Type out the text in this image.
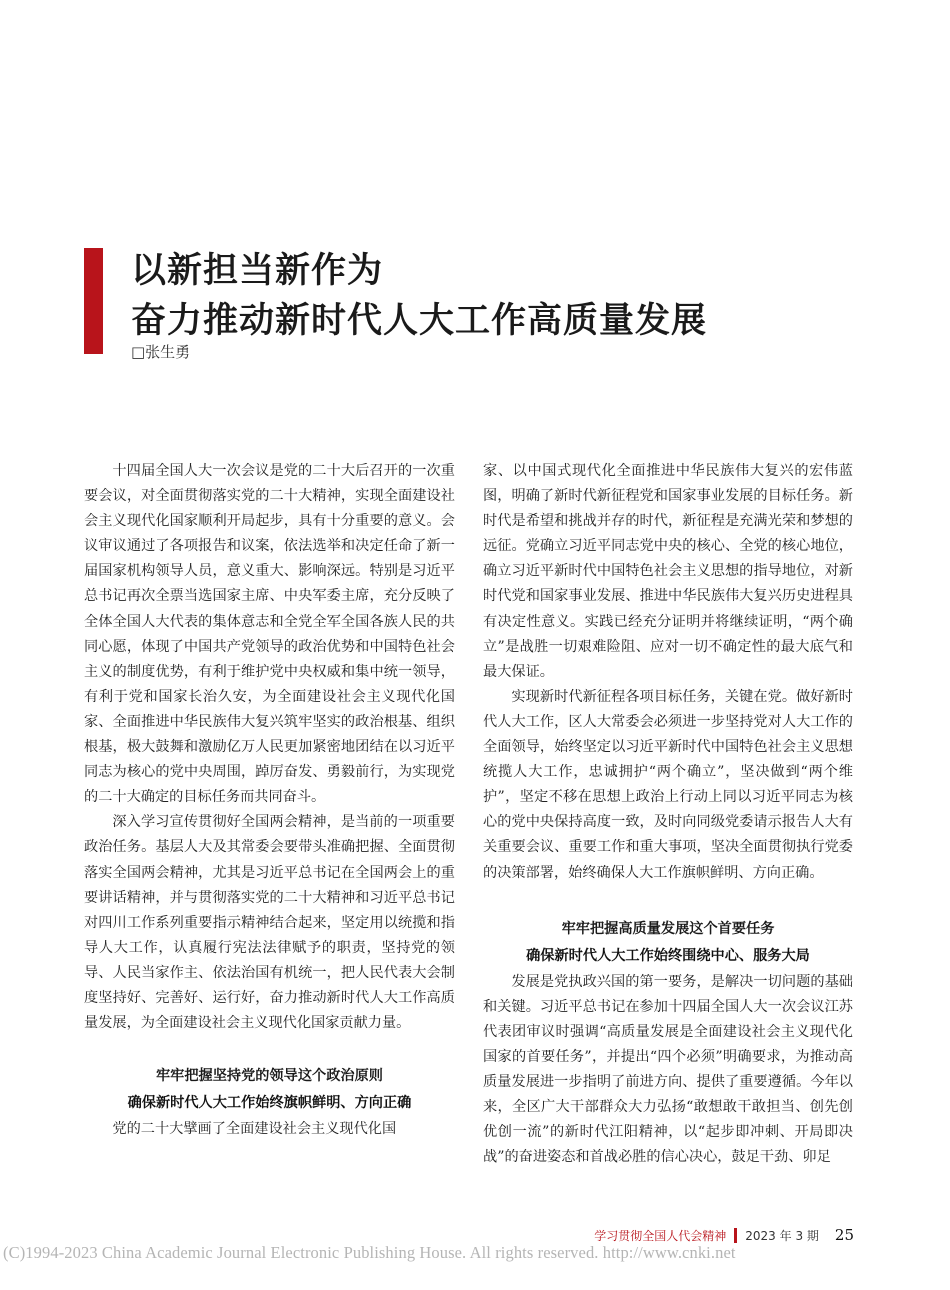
以新担当新作为
奋力推动新时代人大工作高质量发展
□张生勇

十四届全国人大一次会议是党的二十大后召开的一次重要会议，对全面贯彻落实党的二十大精神，实现全面建设社会主义现代化国家顺利开局起步，具有十分重要的意义。会议审议通过了各项报告和议案，依法选举和决定任命了新一届国家机构领导人员，意义重大、影响深远。特别是习近平总书记再次全票当选国家主席、中央军委主席，充分反映了全体全国人大代表的集体意志和全党全军全国各族人民的共同心愿，体现了中国共产党领导的政治优势和中国特色社会主义的制度优势，有利于维护党中央权威和集中统一领导，有利于党和国家长治久安，为全面建设社会主义现代化国家、全面推进中华民族伟大复兴筑牢坚实的政治根基、组织根基，极大鼓舞和激励亿万人民更加紧密地团结在以习近平同志为核心的党中央周围，踔厉奋发、勇毅前行，为实现党的二十大确定的目标任务而共同奋斗。

深入学习宣传贯彻好全国两会精神，是当前的一项重要政治任务。基层人大及其常委会要带头准确把握、全面贯彻落实全国两会精神，尤其是习近平总书记在全国两会上的重要讲话精神，并与贯彻落实党的二十大精神和习近平总书记对四川工作系列重要指示精神结合起来，坚定用以统揽和指导人大工作，认真履行宪法法律赋予的职责，坚持党的领导、人民当家作主、依法治国有机统一，把人民代表大会制度坚持好、完善好、运行好，奋力推动新时代人大工作高质量发展，为全面建设社会主义现代化国家贡献力量。

牢牢把握坚持党的领导这个政治原则
确保新时代人大工作始终旗帜鲜明、方向正确

党的二十大擘画了全面建设社会主义现代化国

家、以中国式现代化全面推进中华民族伟大复兴的宏伟蓝图，明确了新时代新征程党和国家事业发展的目标任务。新时代是希望和挑战并存的时代，新征程是充满光荣和梦想的远征。党确立习近平同志党中央的核心、全党的核心地位，确立习近平新时代中国特色社会主义思想的指导地位，对新时代党和国家事业发展、推进中华民族伟大复兴历史进程具有决定性意义。实践已经充分证明并将继续证明，“两个确立”是战胜一切艰难险阻、应对一切不确定性的最大底气和最大保证。

实现新时代新征程各项目标任务，关键在党。做好新时代人大工作，区人大常委会必须进一步坚持党对人大工作的全面领导，始终坚定以习近平新时代中国特色社会主义思想统揽人大工作，忠诚拥护“两个确立”，坚决做到“两个维护”，坚定不移在思想上政治上行动上同以习近平同志为核心的党中央保持高度一致，及时向同级党委请示报告人大有关重要会议、重要工作和重大事项，坚决全面贯彻执行党委的决策部署，始终确保人大工作旗帜鲜明、方向正确。

牢牢把握高质量发展这个首要任务
确保新时代人大工作始终围绕中心、服务大局

发展是党执政兴国的第一要务，是解决一切问题的基础和关键。习近平总书记在参加十四届全国人大一次会议江苏代表团审议时强调“高质量发展是全面建设社会主义现代化国家的首要任务”，并提出“四个必须”明确要求，为推动高质量发展进一步指明了前进方向、提供了重要遵循。今年以来，全区广大干部群众大力弘扬“敢想敢干敢担当、创先创优创一流”的新时代江阳精神，以“起步即冲刺、开局即决战”的奋进姿态和首战必胜的信心决心，鼓足干劲、卯足

学习贯彻全国人代会精神 2023 年 3 期 25
(C)1994-2023 China Academic Journal Electronic Publishing House. All rights reserved. http://www.cnki.net
